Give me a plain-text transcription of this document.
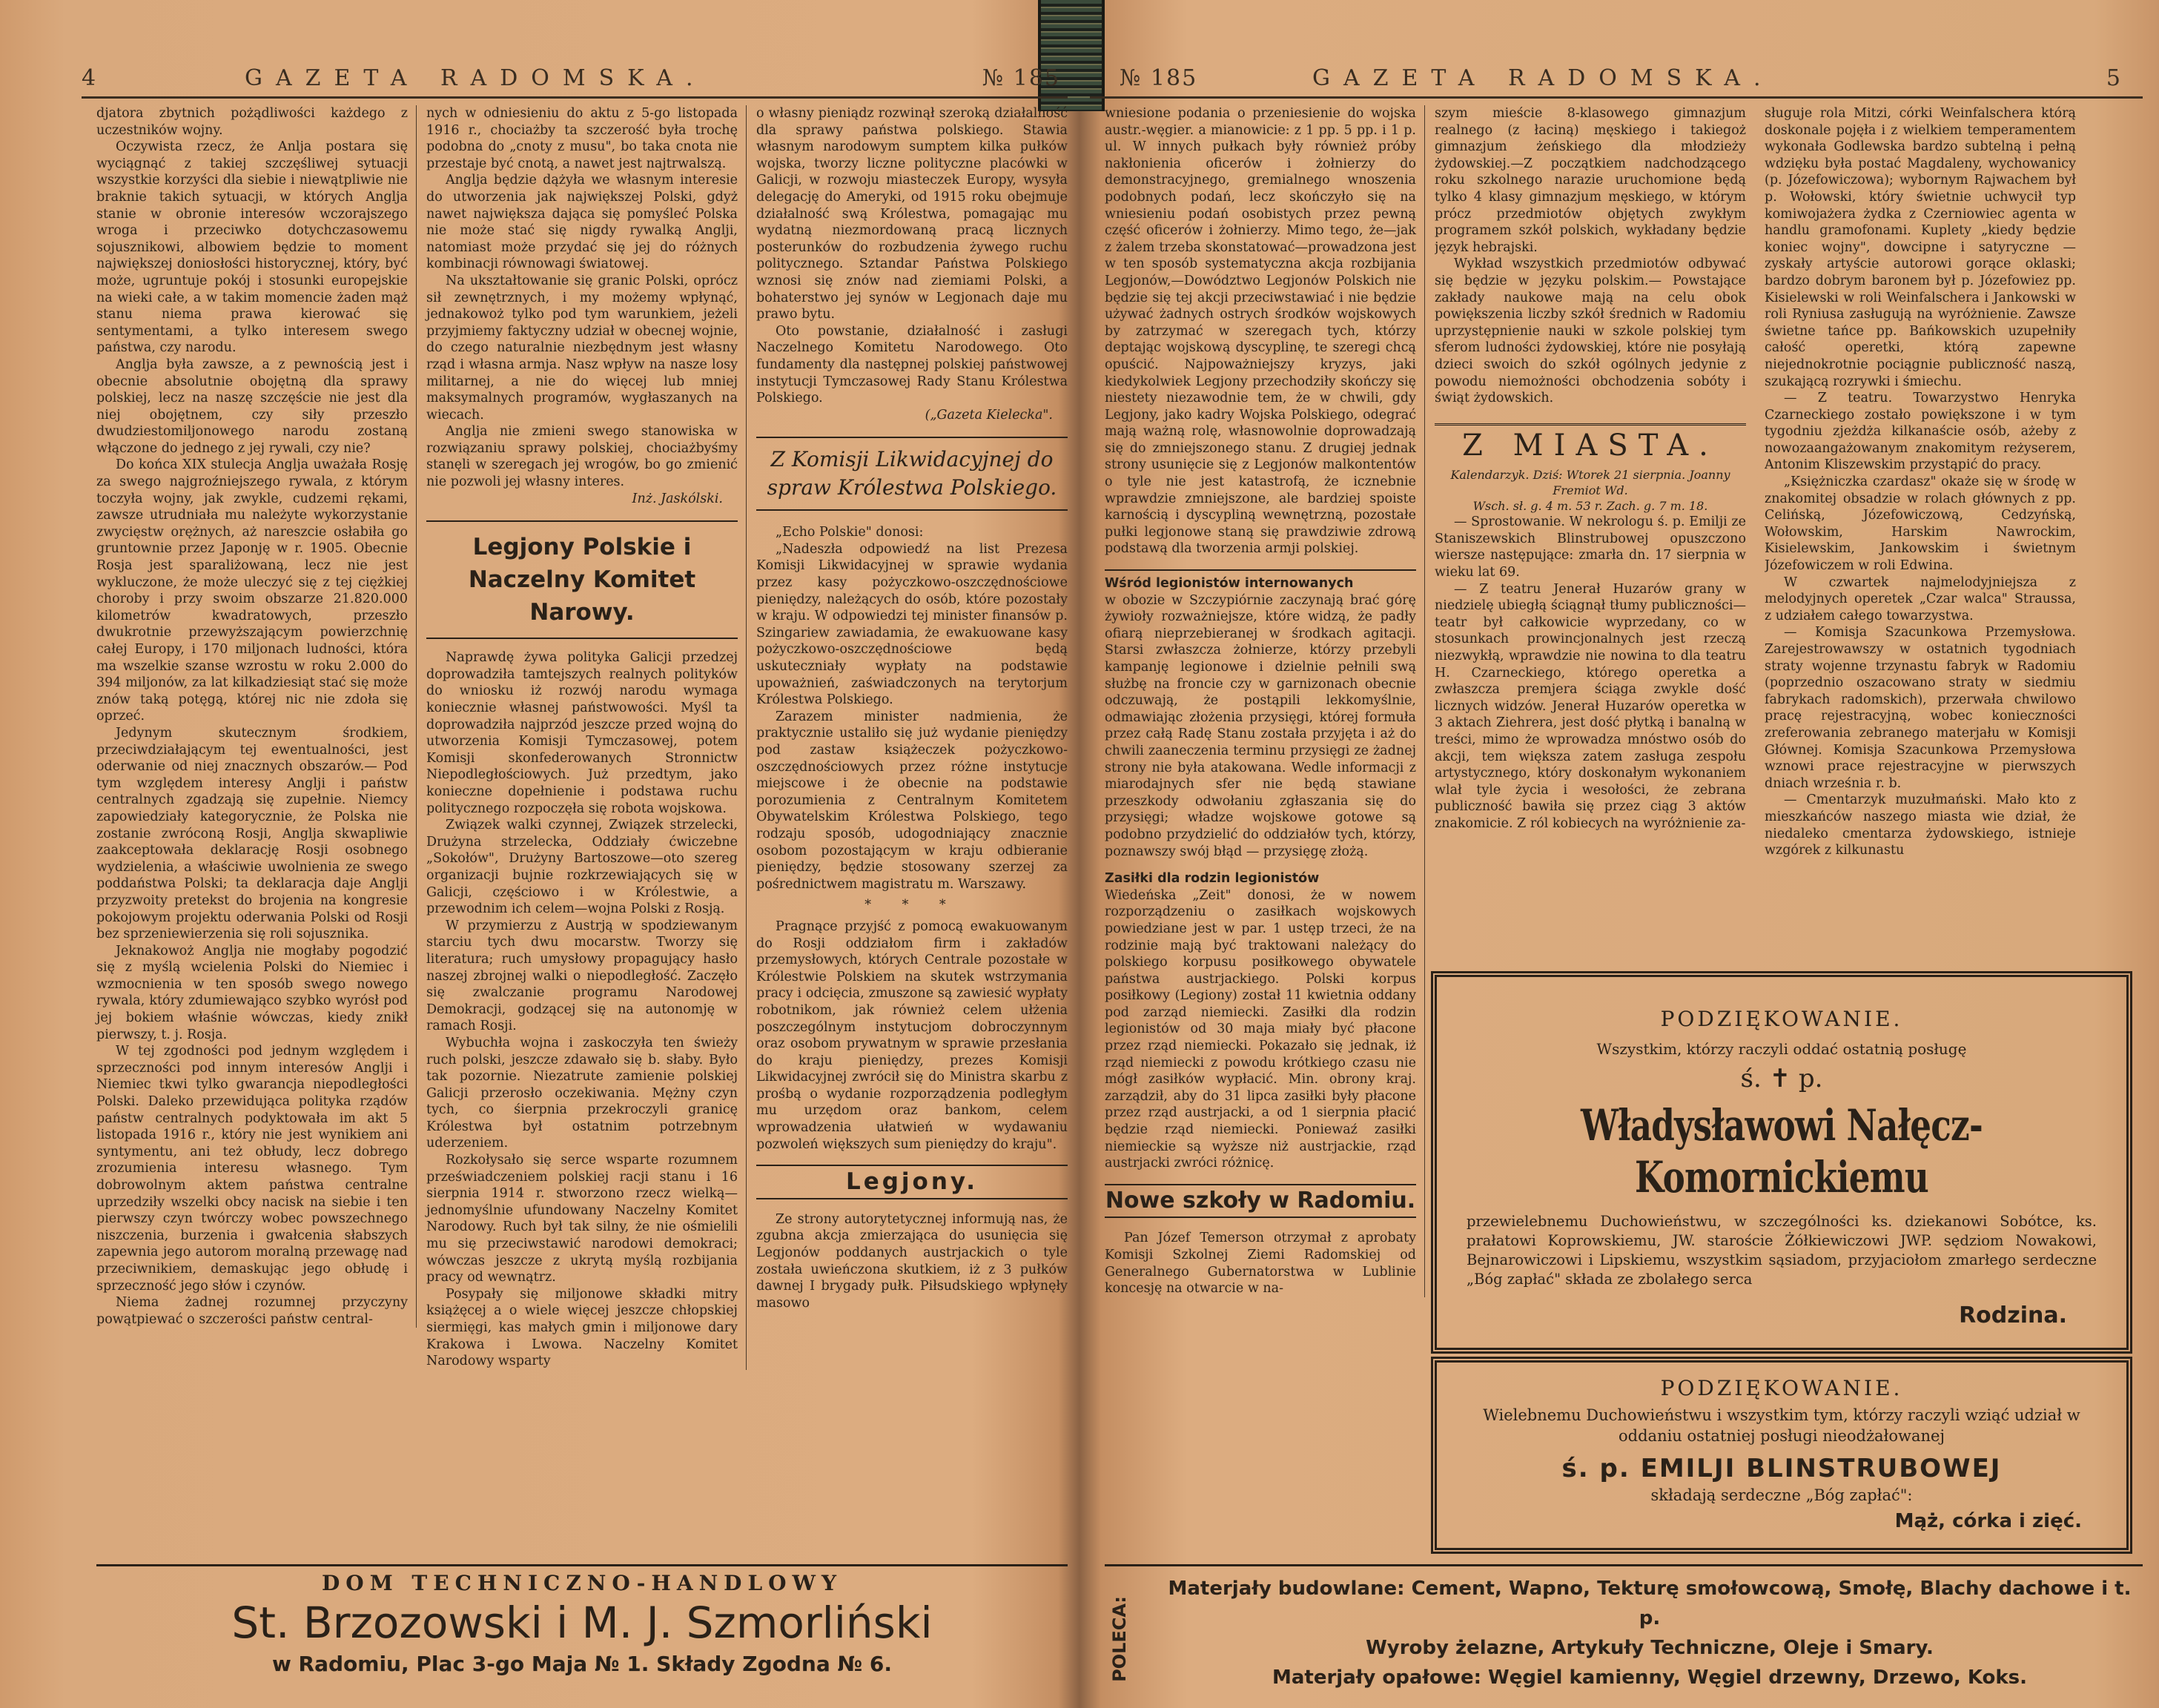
4	GAZETA RADOMSKA.	№ 185

djatora zbytnich pożądliwości każdego z uczestników wojny.

Oczywista rzecz, że Anlja postara się wyciągnąć z takiej szczęśliwej sytuacji wszystkie korzyści dla siebie i niewątpliwie nie braknie takich sytuacji, w których Anglja stanie w obronie interesów wczorajszego wroga i przeciwko dotychczasowemu sojusznikowi, albowiem będzie to moment największej doniosłości historycznej, który, być może, ugruntuje pokój i stosunki europejskie na wieki całe, a w takim momencie żaden mąż stanu niema prawa kierować się sentymentami, a tylko interesem swego państwa, czy narodu.

Anglja była zawsze, a z pewnością jest i obecnie absolutnie obojętną dla sprawy polskiej, lecz na naszę szczęście nie jest dla niej obojętnem, czy siły przeszło dwudziestomiljonowego narodu zostaną włączone do jednego z jej rywali, czy nie?

Do końca XIX stulecja Anglja uważała Rosję za swego najgroźniejszego rywala, z którym toczyła wojny, jak zwykle, cudzemi rękami, zawsze utrudniała mu należyte wykorzystanie zwycięstw orężnych, aż nareszcie osłabiła go gruntownie przez Japonję w r. 1905. Obecnie Rosja jest sparaliżowaną, lecz nie jest wykluczone, że może uleczyć się z tej ciężkiej choroby i przy swoim obszarze 21.820.000 kilometrów kwadratowych, przeszło dwukrotnie przewyższającym powierzchnię całej Europy, i 170 miljonach ludności, która ma wszelkie szanse wzrostu w roku 2.000 do 394 miljonów, za lat kilkadziesiąt stać się może znów taką potęgą, której nic nie zdoła się oprzeć.

Jedynym skutecznym środkiem, przeciwdziałającym tej ewentualności, jest oderwanie od niej znacznych obszarów.— Pod tym względem interesy Anglji i państw centralnych zgadzają się zupełnie. Niemcy zapowiedziały kategorycznie, że Polska nie zostanie zwróconą Rosji, Anglja skwapliwie zaakceptowała deklarację Rosji osobnego wydzielenia, a właściwie uwolnienia ze swego poddaństwa Polski; ta deklaracja daje Anglji przyzwoity pretekst do brojenia na kongresie pokojowym projektu oderwania Polski od Rosji bez sprzeniewierzenia się roli sojusznika.

Jeknakowoż Anglja nie mogłaby pogodzić się z myślą wcielenia Polski do Niemiec i wzmocnienia w ten sposób swego nowego rywala, który zdumiewająco szybko wyrósł pod jej bokiem właśnie wówczas, kiedy znikł pierwszy, t. j. Rosja.

W tej zgodności pod jednym względem i sprzeczności pod innym interesów Anglji i Niemiec tkwi tylko gwarancja niepodległości Polski. Daleko przewidująca polityka rządów państw centralnych podyktowała im akt 5 listopada 1916 r., który nie jest wynikiem ani syntymentu, ani też obłudy, lecz dobrego zrozumienia interesu własnego. Tym dobrowolnym aktem państwa centralne uprzedziły wszelki obcy nacisk na siebie i ten pierwszy czyn twórczy wobec powszechnego niszczenia, burzenia i gwałcenia słabszych zapewnia jego autorom moralną przewagę nad przeciwnikiem, demaskując jego obłudę i sprzeczność jego słów i czynów.

Niema żadnej rozumnej przyczyny powątpiewać o szczerości państw central-

nych w odniesieniu do aktu z 5-go listopada 1916 r., chociażby ta szczerość była trochę podobna do „cnoty z musu", bo taka cnota nie przestaje być cnotą, a nawet jest najtrwalszą.

Anglja będzie dążyła we własnym interesie do utworzenia jak największej Polski, gdyż nawet największa dająca się pomyśleć Polska nie może stać się nigdy rywalką Anglji, natomiast może przydać się jej do różnych kombinacji równowagi światowej.

Na ukształtowanie się granic Polski, oprócz sił zewnętrznych, i my możemy wpłynąć, jednakowoż tylko pod tym warunkiem, jeżeli przyjmiemy faktyczny udział w obecnej wojnie, do czego naturalnie niezbędnym jest własny rząd i własna armja. Nasz wpływ na nasze losy militarnej, a nie do więcej lub mniej maksymalnych programów, wygłaszanych na wiecach.

Anglja nie zmieni swego stanowiska w rozwiązaniu sprawy polskiej, chociażbyśmy stanęli w szeregach jej wrogów, bo go zmienić nie pozwoli jej własny interes.

Inż. Jaskólski.
Legjony Polskie i Naczelny Komitet Narowy.

Naprawdę żywa polityka Galicji przedzej doprowadziła tamtejszych realnych polityków do wniosku iż rozwój narodu wymaga koniecznie własnej państwowości. Myśl ta doprowadziła najprzód jeszcze przed wojną do utworzenia Komisji Tymczasowej, potem Komisji skonfederowanych Stronnictw Niepodległościowych. Już przedtym, jako konieczne dopełnienie i podstawa ruchu politycznego rozpoczęła się robota wojskowa.

Związek walki czynnej, Związek strzelecki, Drużyna strzelecka, Oddziały ćwiczebne „Sokołów", Drużyny Bartoszowe—oto szereg organizacji bujnie rozkrzewiających się w Galicji, częściowo i w Królestwie, a przewodnim ich celem—wojna Polski z Rosją.

W przymierzu z Austrją w spodziewanym starciu tych dwu mocarstw. Tworzy się literatura; ruch umysłowy propagujący hasło naszej zbrojnej walki o niepodległość. Zaczęło się zwalczanie programu Narodowej Demokracji, godzącej się na autonomję w ramach Rosji.

Wybuchła wojna i zaskoczyła ten świeży ruch polski, jeszcze zdawało się b. słaby. Było tak pozornie. Niezatrute zamienie polskiej Galicji przerosło oczekiwania. Mężny czyn tych, co śierpnia przekroczyli granicę Królestwa był ostatnim potrzebnym uderzeniem.

Rozkołysało się serce wsparte rozumnem przeświadczeniem polskiej racji stanu i 16 sierpnia 1914 r. stworzono rzecz wielką—jednomyślnie ufundowany Naczelny Komitet Narodowy. Ruch był tak silny, że nie ośmielili mu się przeciwstawić narodowi demokraci; wówczas jeszcze z ukrytą myślą rozbijania pracy od wewnątrz.

Posypały się miljonowe składki mitry książęcej a o wiele więcej jeszcze chłopskiej siermięgi, kas małych gmin i miljonowe dary Krakowa i Lwowa. Naczelny Komitet Narodowy wsparty

o własny pieniądz rozwinął szeroką działalność dla sprawy państwa polskiego. Stawia własnym narodowym sumptem kilka pułków wojska, tworzy liczne polityczne placówki w Galicji, w rozwoju miasteczek Europy, wysyła delegację do Ameryki, od 1915 roku obejmuje działalność swą Królestwa, pomagając mu wydatną niezmordowaną pracą licznych posterunków do rozbudzenia żywego ruchu politycznego. Sztandar Państwa Polskiego wznosi się znów nad ziemiami Polski, a bohaterstwo jej synów w Legjonach daje mu prawo bytu.

Oto powstanie, działalność i zasługi Naczelnego Komitetu Narodowego. Oto fundamenty dla następnej polskiej państwowej instytucji Tymczasowej Rady Stanu Królestwa Polskiego.

(„Gazeta Kielecka".
Z Komisji Likwidacyjnej do spraw Królestwa Polskiego.

„Echo Polskie" donosi:

„Nadeszła odpowiedź na list Prezesa Komisji Likwidacyjnej w sprawie wydania przez kasy pożyczkowo-oszczędnościowe pieniędzy, należących do osób, które pozostały w kraju. W odpowiedzi tej minister finansów p. Szingariew zawiadamia, że ewakuowane kasy pożyczkowo-oszczędnościowe będą uskuteczniały wypłaty na podstawie upoważnień, zaświadczonych na terytorjum Królestwa Polskiego.

Zarazem minister nadmienia, że praktycznie ustaliło się już wydanie pieniędzy pod zastaw książeczek pożyczkowo-oszczędnościowych przez różne instytucje miejscowe i że obecnie na podstawie porozumienia z Centralnym Komitetem Obywatelskim Królestwa Polskiego, tego rodzaju sposób, udogodniający znacznie osobom pozostającym w kraju odbieranie pieniędzy, będzie stosowany szerzej za pośrednictwem magistratu m. Warszawy.

* * *

Pragnące przyjść z pomocą ewakuowanym do Rosji oddziałom firm i zakładów przemysłowych, których Centrale pozostałe w Królestwie Polskiem na skutek wstrzymania pracy i odcięcia, zmuszone są zawiesić wypłaty robotnikom, jak również celem ułżenia poszczególnym instytucjom dobroczynnym oraz osobom prywatnym w sprawie przesłania do kraju pieniędzy, prezes Komisji Likwidacyjnej zwrócił się do Ministra skarbu z prośbą o wydanie rozporządzenia podległym mu urzędom oraz bankom, celem wprowadzenia ułatwień w wydawaniu pozwoleń większych sum pieniędzy do kraju".

Legjony.

Ze strony autorytetycznej informują nas, że zgubna akcja zmierzająca do usunięcia się Legjonów poddanych austrjackich o tyle została uwieńczona skutkiem, iż z 3 pułków dawnej I brygady pułk. Piłsudskiego wpłynęły masowo

DOM TECHNICZNO-HANDLOWY
St. Brzozowski i M. J. Szmorliński
w Radomiu, Plac 3-go Maja № 1. Składy Zgodna № 6.
№ 185	GAZETA RADOMSKA.	5

wniesione podania o przeniesienie do wojska austr.-węgier. a mianowicie: z 1 pp. 5 pp. i 1 p. ul. W innych pułkach były również próby nakłonienia oficerów i żołnierzy do demonstracyjnego, gremialnego wnoszenia podobnych podań, lecz skończyło się na wniesieniu podań osobistych przez pewną część oficerów i żołnierzy. Mimo tego, że—jak z żalem trzeba skonstatować—prowadzona jest w ten sposób systematyczna akcja rozbijania Legjonów,—Dowództwo Legjonów Polskich nie będzie się tej akcji przeciwstawiać i nie będzie używać żadnych ostrych środków wojskowych by zatrzymać w szeregach tych, którzy deptając wojskową dyscyplinę, te szeregi chcą opuścić. Najpoważniejszy kryzys, jaki kiedykolwiek Legjony przechodziły skończy się niestety niezawodnie tem, że w chwili, gdy Legjony, jako kadry Wojska Polskiego, odegrać mają ważną rolę, własnowolnie doprowadzają się do zmniejszonego stanu. Z drugiej jednak strony usunięcie się z Legjonów malkontentów o tyle nie jest katastrofą, że icznebnie wprawdzie zmniejszone, ale bardziej spoiste karnością i dyscypliną wewnętrzną, pozostałe pułki legjonowe staną się prawdziwie zdrową podstawą dla tworzenia armji polskiej.

Wśród legionistów internowanych

w obozie w Szczypiórnie zaczynają brać górę żywioły rozważniejsze, które widzą, że padły ofiarą nieprzebieranej w środkach agitacji. Starsi zwłaszcza żołnierze, którzy przebyli kampanję legionowe i dzielnie pełnili swą służbę na froncie czy w garnizonach obecnie odczuwają, że postąpili lekkomyślnie, odmawiając złożenia przysięgi, której formuła przez całą Radę Stanu została przyjęta i aż do chwili zaaneczenia terminu przysięgi ze żadnej strony nie była atakowana. Wedle informacji z miarodajnych sfer nie będą stawiane przeszkody odwołaniu zgłaszania się do przysięgi; władze wojskowe gotowe są podobno przydzielić do oddziałów tych, którzy, poznawszy swój błąd — przysięgę złożą.

Zasiłki dla rodzin legionistów

Wiedeńska „Zeit" donosi, że w nowem rozporządzeniu o zasiłkach wojskowych powiedziane jest w par. 1 ustęp trzeci, że na rodzinie mają być traktowani należący do polskiego korpusu posiłkowego obywatele państwa austrjackiego. Polski korpus posiłkowy (Legiony) został 11 kwietnia oddany pod zarząd niemiecki. Zasiłki dla rodzin legionistów od 30 maja miały być płacone przez rząd niemiecki. Pokazało się jednak, iż rząd niemiecki z powodu krótkiego czasu nie mógł zasiłków wypłacić. Min. obrony kraj. zarządził, aby do 31 lipca zasiłki były płacone przez rząd austrjacki, a od 1 sierpnia płacić będzie rząd niemiecki. Poniewaź zasiłki niemieckie są wyższe niż austrjackie, rząd austrjacki zwróci różnicę.

Nowe szkoły w Radomiu.

Pan Józef Temerson otrzymał z aprobaty Komisji Szkolnej Ziemi Radomskiej od Generalnego Gubernatorstwa w Lublinie koncesję na otwarcie w na-

szym mieście 8-klasowego gimnazjum realnego (z łaciną) męskiego i takiegoż gimnazjum żeńskiego dla młodzieży żydowskiej.—Z początkiem nadchodzącego roku szkolnego narazie uruchomione będą tylko 4 klasy gimnazjum męskiego, w którym prócz przedmiotów objętych zwykłym programem szkół polskich, wykładany będzie język hebrajski.

Wykład wszystkich przedmiotów odbywać się będzie w języku polskim.— Powstające zakłady naukowe mają na celu obok powiększenia liczby szkół średnich w Radomiu uprzystępnienie nauki w szkole polskiej tym sferom ludności żydowskiej, które nie posyłają dzieci swoich do szkół ogólnych jedynie z powodu niemożności obchodzenia sobóty i świąt żydowskich.

Z MIASTA.
Kalendarzyk. Dziś: Wtorek 21 sierpnia. Joanny Fremiot Wd.
Wsch. sł. g. 4 m. 53 r. Zach. g. 7 m. 18.

— Sprostowanie. W nekrologu ś. p. Emilji ze Staniszewskich Blinstrubowej opuszczono wiersze następujące: zmarła dn. 17 sierpnia w wieku lat 69.

— Z teatru Jenerał Huzarów grany w niedzielę ubiegłą ściągnął tłumy publiczności—teatr był całkowicie wyprzedany, co w stosunkach prowincjonalnych jest rzeczą niezwykłą, wprawdzie nie nowina to dla teatru H. Czarneckiego, którego operetka a zwłaszcza premjera ściąga zwykle dość licznych widzów. Jenerał Huzarów operetka w 3 aktach Ziehrera, jest dość płytką i banalną w treści, mimo że wprowadza mnóstwo osób do akcji, tem większa zatem zasługa zespołu artystycznego, który doskonałym wykonaniem wlał tyle życia i wesołości, że zebrana publiczność bawiła się przez ciąg 3 aktów znakomicie. Z ról kobiecych na wyróżnienie za-

sługuje rola Mitzi, córki Weinfalschera którą doskonale pojęła i z wielkiem temperamentem wykonała Godlewska bardzo subtelną i pełną wdzięku była postać Magdaleny, wychowanicy (p. Józefowiczowa); wybornym Rajwachem był p. Wołowski, który świetnie uchwycił typ komiwojażera żydka z Czerniowiec agenta w handlu gramofonami. Kuplety „kiedy będzie koniec wojny", dowcipne i satyryczne — zyskały artyście autorowi gorące oklaski; bardzo dobrym baronem był p. Józefowiez pp. Kisielewski w roli Weinfalschera i Jankowski w roli Ryniusa zasługują na wyróżnienie. Zawsze świetne tańce pp. Bańkowskich uzupełniły całość operetki, którą zapewne niejednokrotnie pociągnie publiczność naszą, szukającą rozrywki i śmiechu.

— Z teatru. Towarzystwo Henryka Czarneckiego zostało powiększone i w tym tygodniu zjeżdża kilkanaście osób, ażeby z nowozaangażowanym znakomitym reżyserem, Antonim Kliszewskim przystąpić do pracy.

„Księżniczka czardasz" okaże się w środę w znakomitej obsadzie w rolach głównych z pp. Celińską, Józefowiczową, Cedzyńską, Wołowskim, Harskim Nawrockim, Kisielewskim, Jankowskim i świetnym Józefowiczem w roli Edwina.

W czwartek najmelodyjniejsza z melodyjnych operetek „Czar walca" Straussa, z udziałem całego towarzystwa.

— Komisja Szacunkowa Przemysłowa. Zarejestrowawszy w ostatnich tygodniach straty wojenne trzynastu fabryk w Radomiu (poprzednio oszacowano straty w siedmiu fabrykach radomskich), przerwała chwilowo pracę rejestracyjną, wobec konieczności zreferowania zebranego materjału w Komisji Głównej. Komisja Szacunkowa Przemysłowa wznowi prace rejestracyjne w pierwszych dniach września r. b.

— Cmentarzyk muzułmański. Mało kto z mieszkańców naszego miasta wie dział, że niedaleko cmentarza żydowskiego, istnieje wzgórek z kilkunastu

PODZIĘKOWANIE.
Wszystkim, którzy raczyli oddać ostatnią posługę
ś. ✝ p.
Władysławowi Nałęcz-Komornickiemu
przewielebnemu Duchowieństwu, w szczególności ks. dziekanowi Sobótce, ks. prałatowi Koprowskiemu, JW. staroście Żółkiewiczowi JWP. sędziom Nowakowi, Bejnarowiczowi i Lipskiemu, wszystkim sąsiadom, przyjaciołom zmarłego serdeczne „Bóg zapłać" składa ze zbolałego serca
Rodzina.
PODZIĘKOWANIE.
Wielebnemu Duchowieństwu i wszystkim tym, którzy raczyli wziąć udział w oddaniu ostatniej posługi nieodżałowanej
ś. p. EMILJI BLINSTRUBOWEJ
składają serdeczne „Bóg zapłać":
Mąż, córka i zięć.
POLECA:
Materjały budowlane: Cement, Wapno, Tekturę smołowcową, Smołę, Blachy dachowe i t. p.
Wyroby żelazne, Artykuły Techniczne, Oleje i Smary.
Materjały opałowe: Węgiel kamienny, Węgiel drzewny, Drzewo, Koks.
